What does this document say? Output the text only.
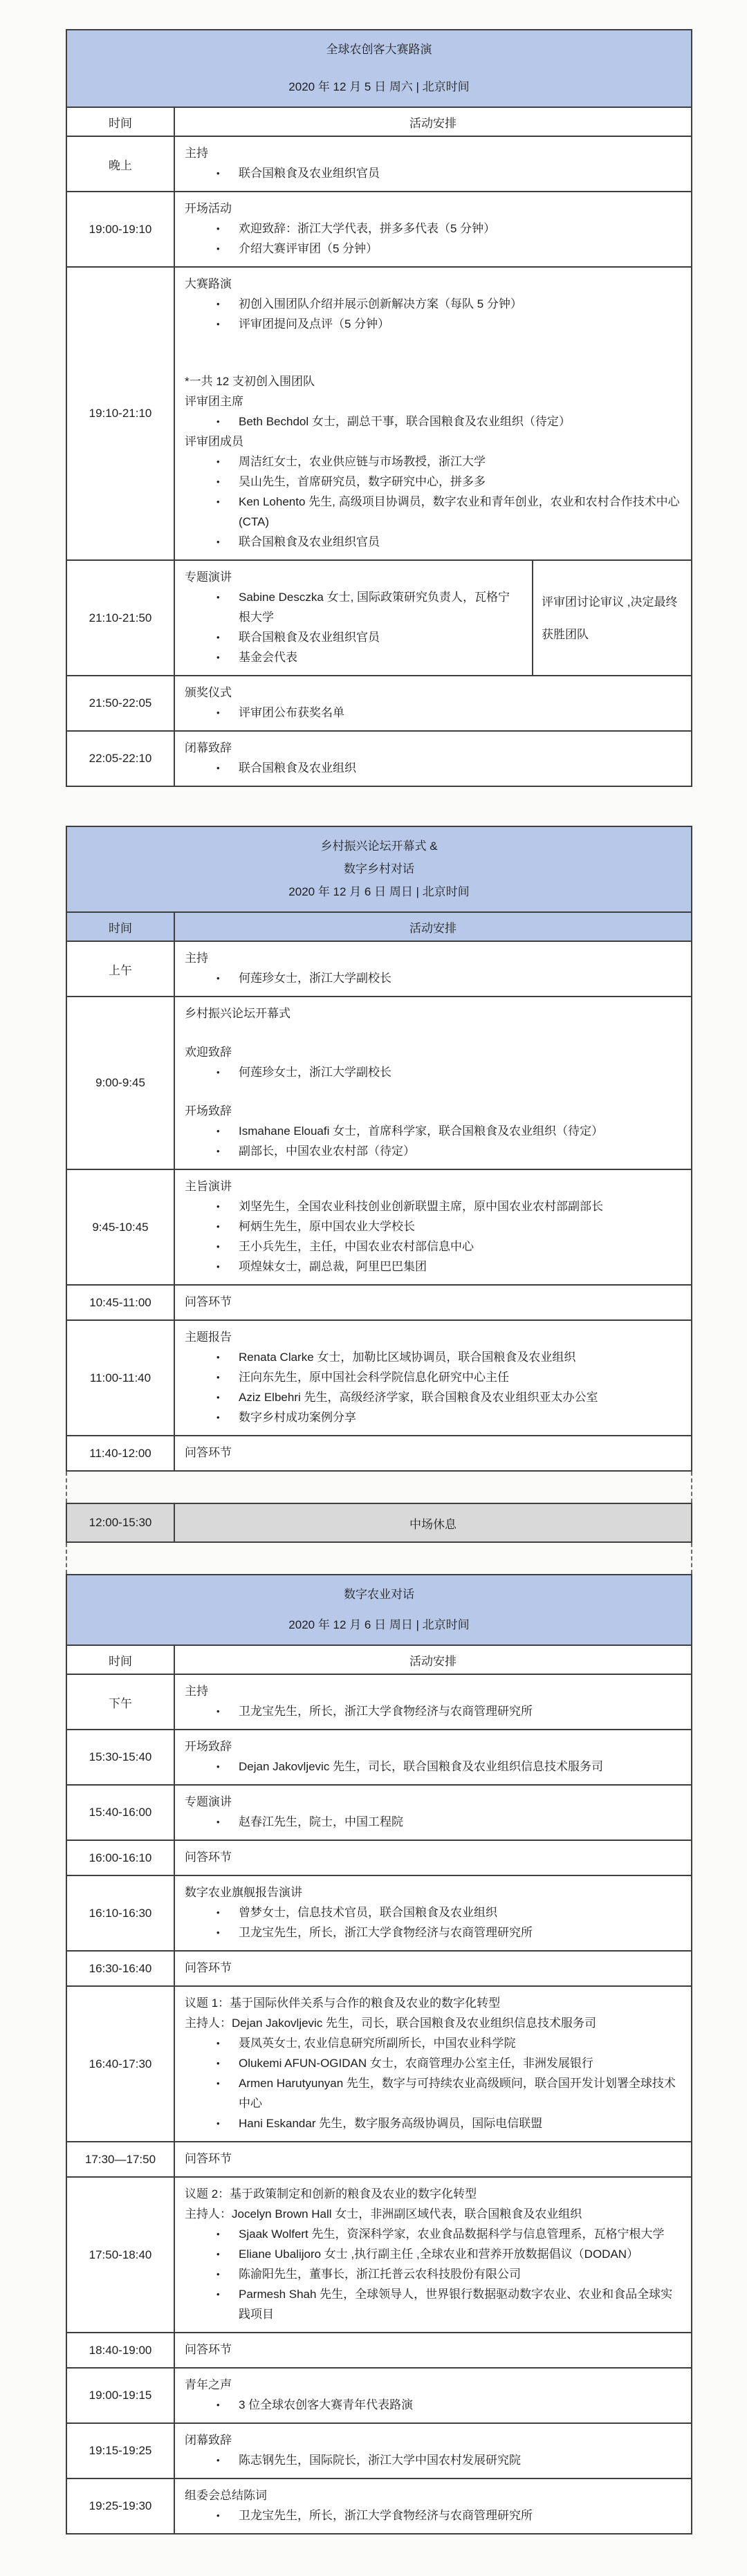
全球农创客大赛路演
2020 年 12 月 5 日 周六 | 北京时间
时间	活动安排
晚上
主持
•	联合国粮食及农业组织官员
19:00-19:10
开场活动
•	欢迎致辞：浙江大学代表，拼多多代表（5 分钟）
•	介绍大赛评审团（5 分钟）
19:10-21:10
大赛路演
•	初创入围团队介绍并展示创新解决方案（每队 5 分钟）
•	评审团提问及点评（5 分钟）
*一共 12 支初创入围团队
评审团主席
•	Beth Bechdol 女士，副总干事，联合国粮食及农业组织（待定）
评审团成员
•	周洁红女士，农业供应链与市场教授，浙江大学
•	吴山先生，首席研究员，数字研究中心，拼多多
•	Ken Lohento 先生, 高级项目协调员，数字农业和青年创业，农业和农村合作技术中心 (CTA)
•	联合国粮食及农业组织官员
21:10-21:50
专题演讲
•	Sabine Desczka 女士, 国际政策研究负责人，瓦格宁根大学
•	联合国粮食及农业组织官员
•	基金会代表
评审团讨论审议 ,决定最终获胜团队
21:50-22:05
颁奖仪式
•	评审团公布获奖名单
22:05-22:10
闭幕致辞
•	联合国粮食及农业组织
乡村振兴论坛开幕式 &
数字乡村对话
2020 年 12 月 6 日 周日 | 北京时间
时间	活动安排
上午
主持
•	何莲珍女士，浙江大学副校长
9:00-9:45
乡村振兴论坛开幕式
欢迎致辞
•	何莲珍女士，浙江大学副校长
开场致辞
•	Ismahane Elouafi 女士，首席科学家，联合国粮食及农业组织（待定）
•	副部长，中国农业农村部（待定）
9:45-10:45
主旨演讲
•	刘坚先生，全国农业科技创业创新联盟主席，原中国农业农村部副部长
•	柯炳生先生，原中国农业大学校长
•	王小兵先生，主任，中国农业农村部信息中心
•	项煌妹女士，副总裁，阿里巴巴集团
10:45-11:00	问答环节
11:00-11:40
主题报告
•	Renata Clarke 女士，加勒比区域协调员，联合国粮食及农业组织
•	汪向东先生，原中国社会科学院信息化研究中心主任
•	Aziz Elbehri 先生，高级经济学家，联合国粮食及农业组织亚太办公室
•	数字乡村成功案例分享
11:40-12:00	问答环节
12:00-15:30	中场休息
数字农业对话
2020 年 12 月 6 日 周日 | 北京时间
时间	活动安排
下午
主持
•	卫龙宝先生，所长，浙江大学食物经济与农商管理研究所
15:30-15:40
开场致辞
•	Dejan Jakovljevic 先生，司长，联合国粮食及农业组织信息技术服务司
15:40-16:00
专题演讲
•	赵春江先生，院士，中国工程院
16:00-16:10	问答环节
16:10-16:30
数字农业旗舰报告演讲
•	曾梦女士，信息技术官员，联合国粮食及农业组织
•	卫龙宝先生，所长，浙江大学食物经济与农商管理研究所
16:30-16:40	问答环节
16:40-17:30
议题 1：基于国际伙伴关系与合作的粮食及农业的数字化转型
主持人：Dejan Jakovljevic 先生，司长，联合国粮食及农业组织信息技术服务司
•	聂凤英女士, 农业信息研究所副所长，中国农业科学院
•	Olukemi AFUN-OGIDAN 女士，农商管理办公室主任，非洲发展银行
•	Armen Harutyunyan 先生，数字与可持续农业高级顾问，联合国开发计划署全球技术中心
•	Hani Eskandar 先生，数字服务高级协调员，国际电信联盟
17:30—17:50	问答环节
17:50-18:40
议题 2：基于政策制定和创新的粮食及农业的数字化转型
主持人：Jocelyn Brown Hall 女士，非洲副区域代表，联合国粮食及农业组织
•	Sjaak Wolfert 先生，资深科学家，农业食品数据科学与信息管理系，瓦格宁根大学
•	Eliane Ubalijoro 女士 ,执行副主任 ,全球农业和营养开放数据倡议（DODAN）
•	陈渝阳先生，董事长，浙江托普云农科技股份有限公司
•	Parmesh Shah 先生，全球领导人，世界银行数据驱动数字农业、农业和食品全球实践项目
18:40-19:00	问答环节
19:00-19:15
青年之声
•	3 位全球农创客大赛青年代表路演
19:15-19:25
闭幕致辞
•	陈志钢先生，国际院长，浙江大学中国农村发展研究院
19:25-19:30
组委会总结陈词
•	卫龙宝先生，所长，浙江大学食物经济与农商管理研究所
